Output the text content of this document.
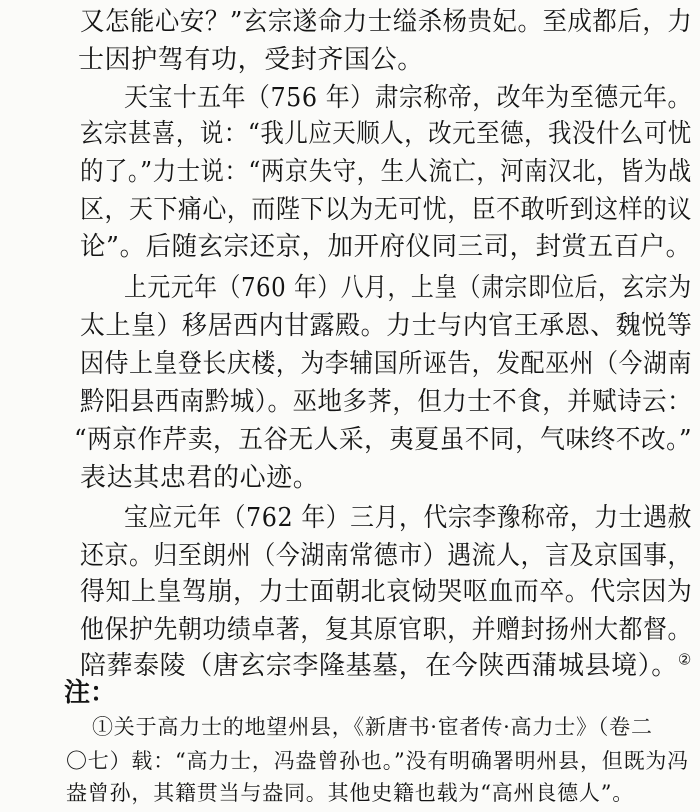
又怎能心安？”玄宗遂命力士缢杀杨贵妃。至成都后，力
士因护驾有功，受封齐国公。
天宝十五年（756 年）肃宗称帝，改年为至德元年。
玄宗甚喜，说：“我儿应天顺人，改元至德，我没什么可忧
的了。”力士说：“两京失守，生人流亡，河南汉北，皆为战
区，天下痛心，而陛下以为无可忧，臣不敢听到这样的议
论”。后随玄宗还京，加开府仪同三司，封赏五百户。
上元元年（760 年）八月，上皇（肃宗即位后，玄宗为
太上皇）移居西内甘露殿。力士与内官王承恩、魏悦等
因侍上皇登长庆楼，为李辅国所诬告，发配巫州（今湖南
黔阳县西南黔城）。巫地多荠，但力士不食，并赋诗云：
“两京作芹卖，五谷无人采，夷夏虽不同，气味终不改。”
表达其忠君的心迹。
宝应元年（762 年）三月，代宗李豫称帝，力士遇赦
还京。归至朗州（今湖南常德市）遇流人，言及京国事，
得知上皇驾崩，力士面朝北哀恸哭呕血而卒。代宗因为
他保护先朝功绩卓著，复其原官职，并赠封扬州大都督。
陪葬泰陵（唐玄宗李隆基墓，在今陕西蒲城县境）。②
注：
①关于高力士的地望州县，《新唐书·宦者传·高力士》（卷二
〇七）载：“高力士，冯盎曾孙也。”没有明确署明州县，但既为冯
盎曾孙，其籍贯当与盎同。其他史籍也载为“高州良德人”。
